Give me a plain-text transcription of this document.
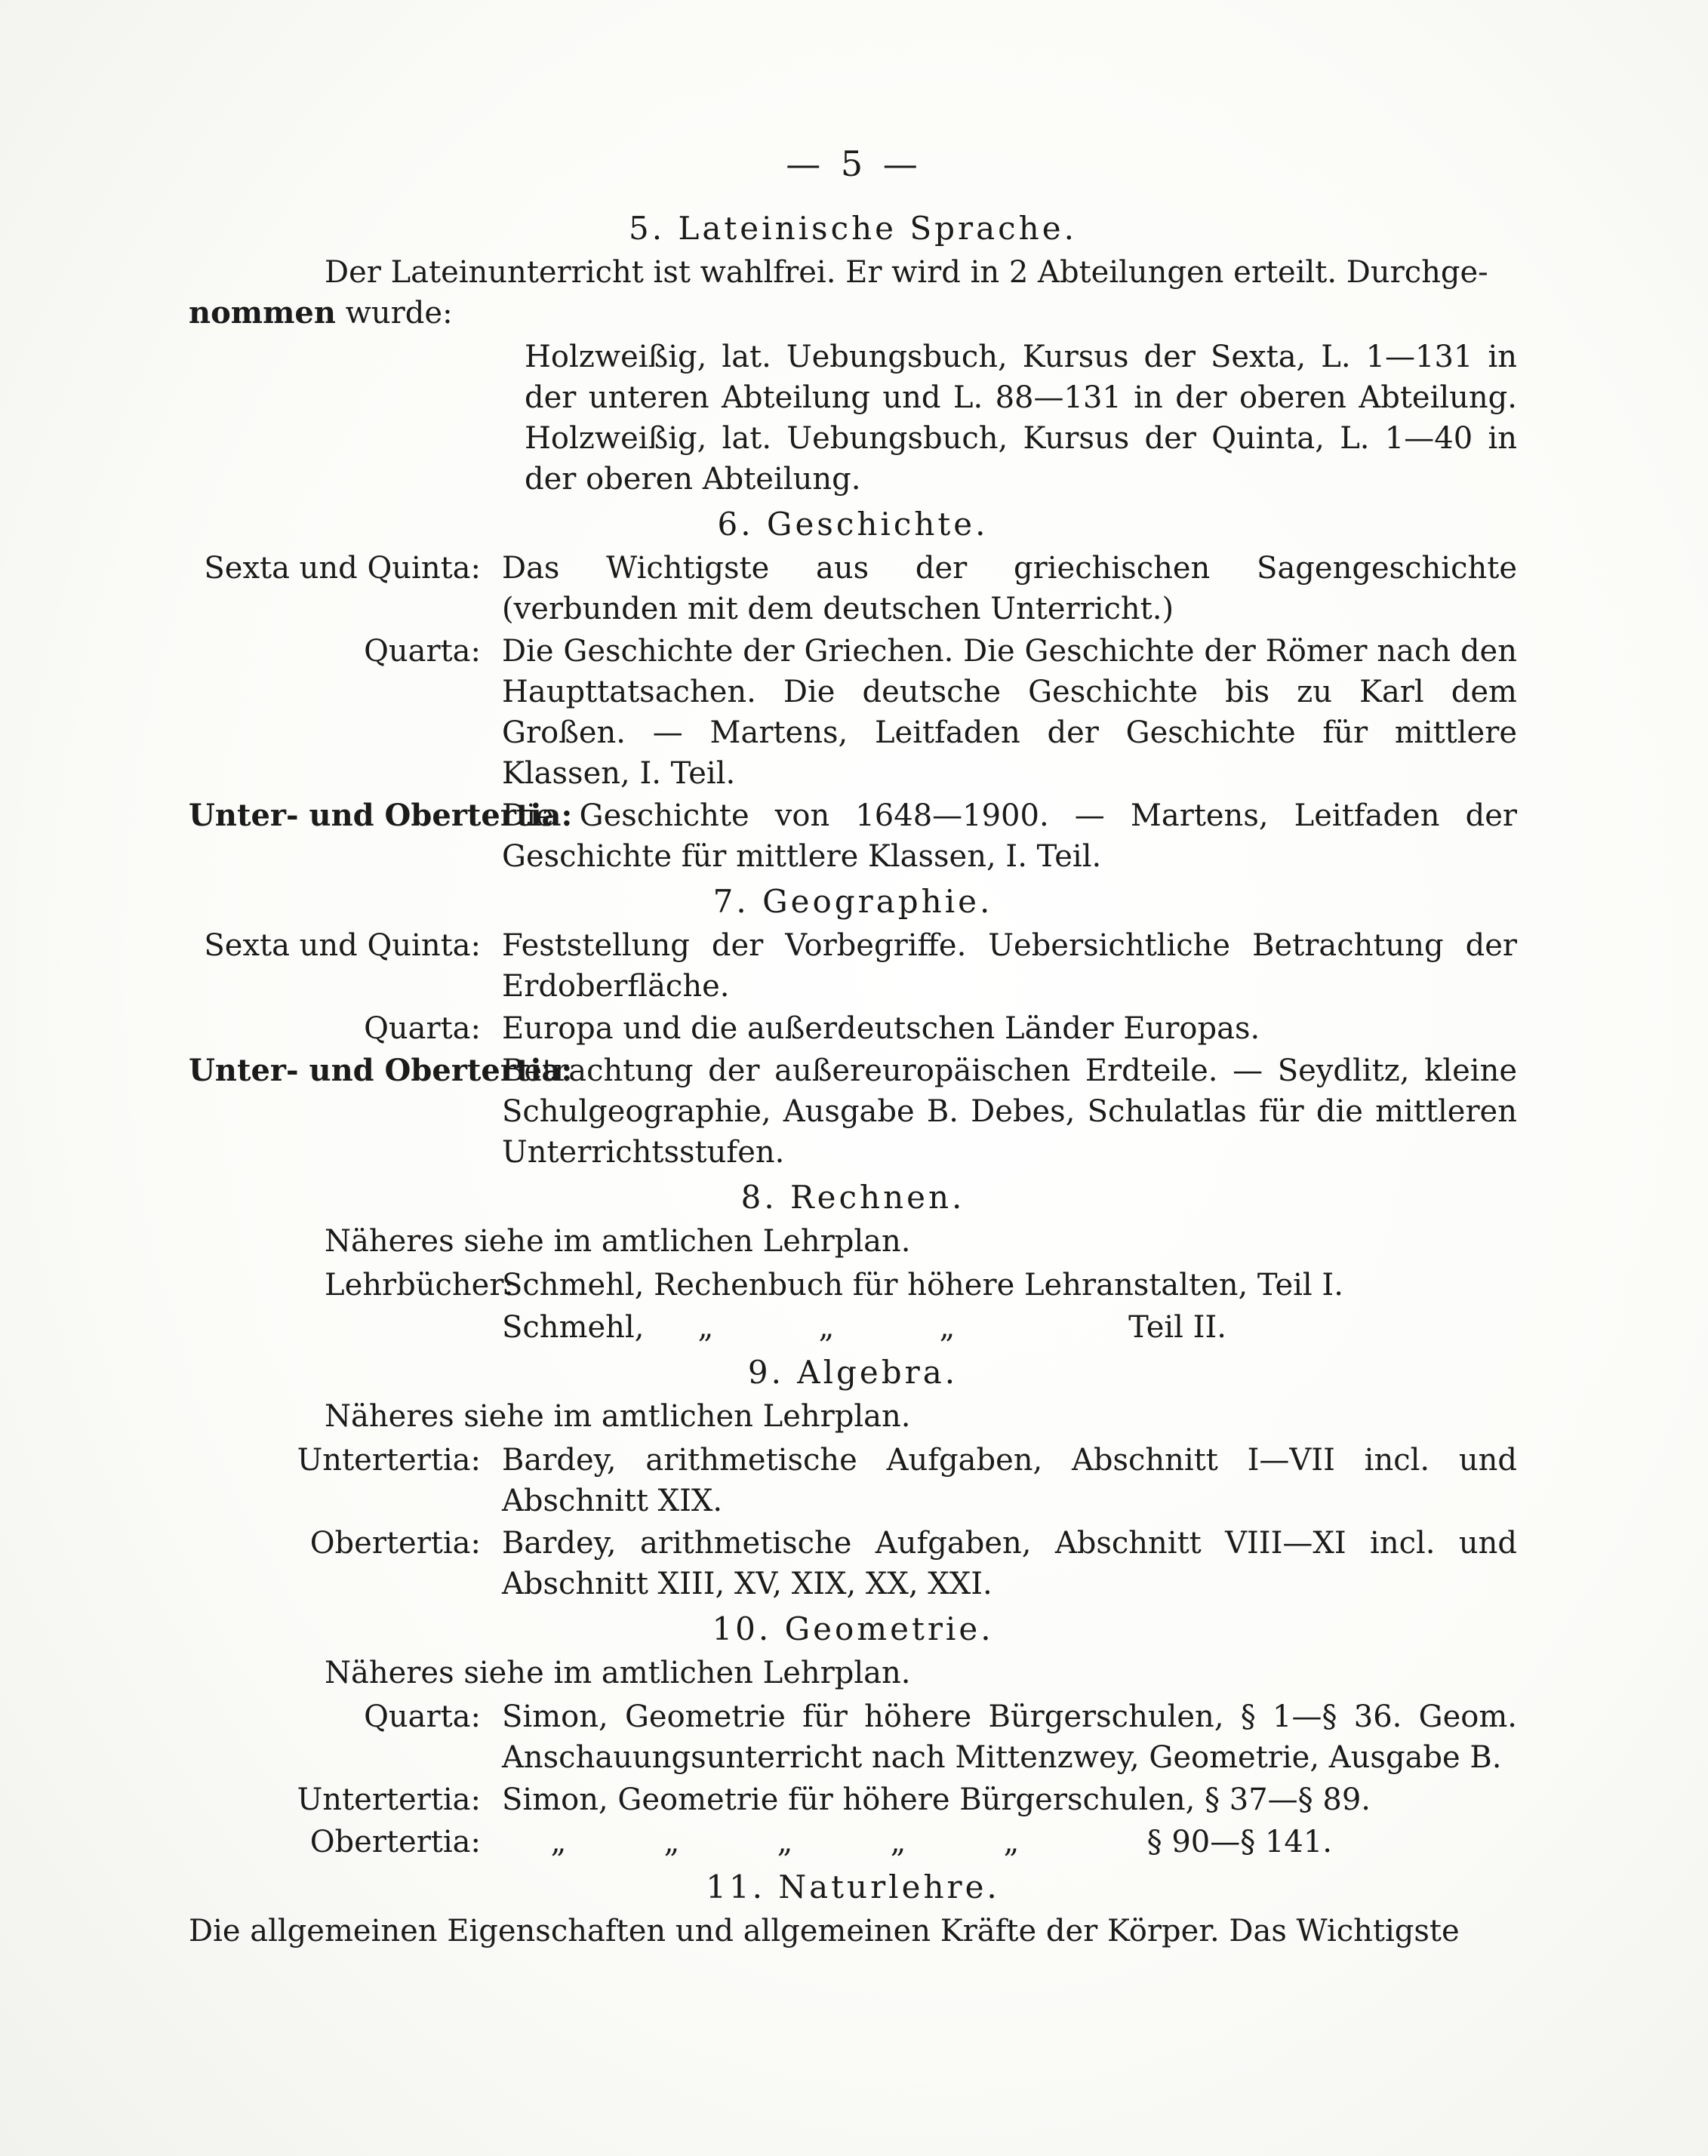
— 5 —
5. Lateinische Sprache.
Der Lateinunterricht ist wahlfrei. Er wird in 2 Abteilungen erteilt. Durchge-
nommen wurde:
Holzweißig, lat. Uebungsbuch, Kursus der Sexta, L. 1—131 in der unteren Abteilung und L. 88—131 in der oberen Abteilung. Holzweißig, lat. Uebungsbuch, Kursus der Quinta, L. 1—40 in der oberen Abteilung.
6. Geschichte.
Sexta und Quinta: Das Wichtigste aus der griechischen Sagengeschichte (verbunden mit dem deutschen Unterricht.)
Quarta: Die Geschichte der Griechen. Die Geschichte der Römer nach den Haupttatsachen. Die deutsche Geschichte bis zu Karl dem Großen. — Martens, Leitfaden der Geschichte für mittlere Klassen, I. Teil.
Unter- und Obertertia:
Die Geschichte von 1648—1900. — Martens, Leitfaden der Geschichte für mittlere Klassen, I. Teil.
7. Geographie.
Sexta und Quinta: Feststellung der Vorbegriffe. Uebersichtliche Betrachtung der Erdoberfläche.
Quarta: Europa und die außerdeutschen Länder Europas.
Unter- und Obertertia:
Betrachtung der außereuropäischen Erdteile. — Seydlitz, kleine Schulgeographie, Ausgabe B. Debes, Schulatlas für die mittleren Unterrichtsstufen.
8. Rechnen.
Näheres siehe im amtlichen Lehrplan.
Lehrbücher:
Schmehl, Rechenbuch für höhere Lehranstalten, Teil I.
Schmehl,	„	„	„	Teil II.
9. Algebra.
Näheres siehe im amtlichen Lehrplan.
Untertertia: Bardey, arithmetische Aufgaben, Abschnitt I—VII incl. und Abschnitt XIX.
Obertertia: Bardey, arithmetische Aufgaben, Abschnitt VIII—XI incl. und Abschnitt XIII, XV, XIX, XX, XXI.
10. Geometrie.
Näheres siehe im amtlichen Lehrplan.
Quarta: Simon, Geometrie für höhere Bürgerschulen, § 1—§ 36. Geom. Anschauungsunterricht nach Mittenzwey, Geometrie, Ausgabe B.
Untertertia: Simon, Geometrie für höhere Bürgerschulen, § 37—§ 89.
Obertertia:	„	„	„	„	„	§ 90—§ 141.
11. Naturlehre.
Die allgemeinen Eigenschaften und allgemeinen Kräfte der Körper. Das Wichtigste
